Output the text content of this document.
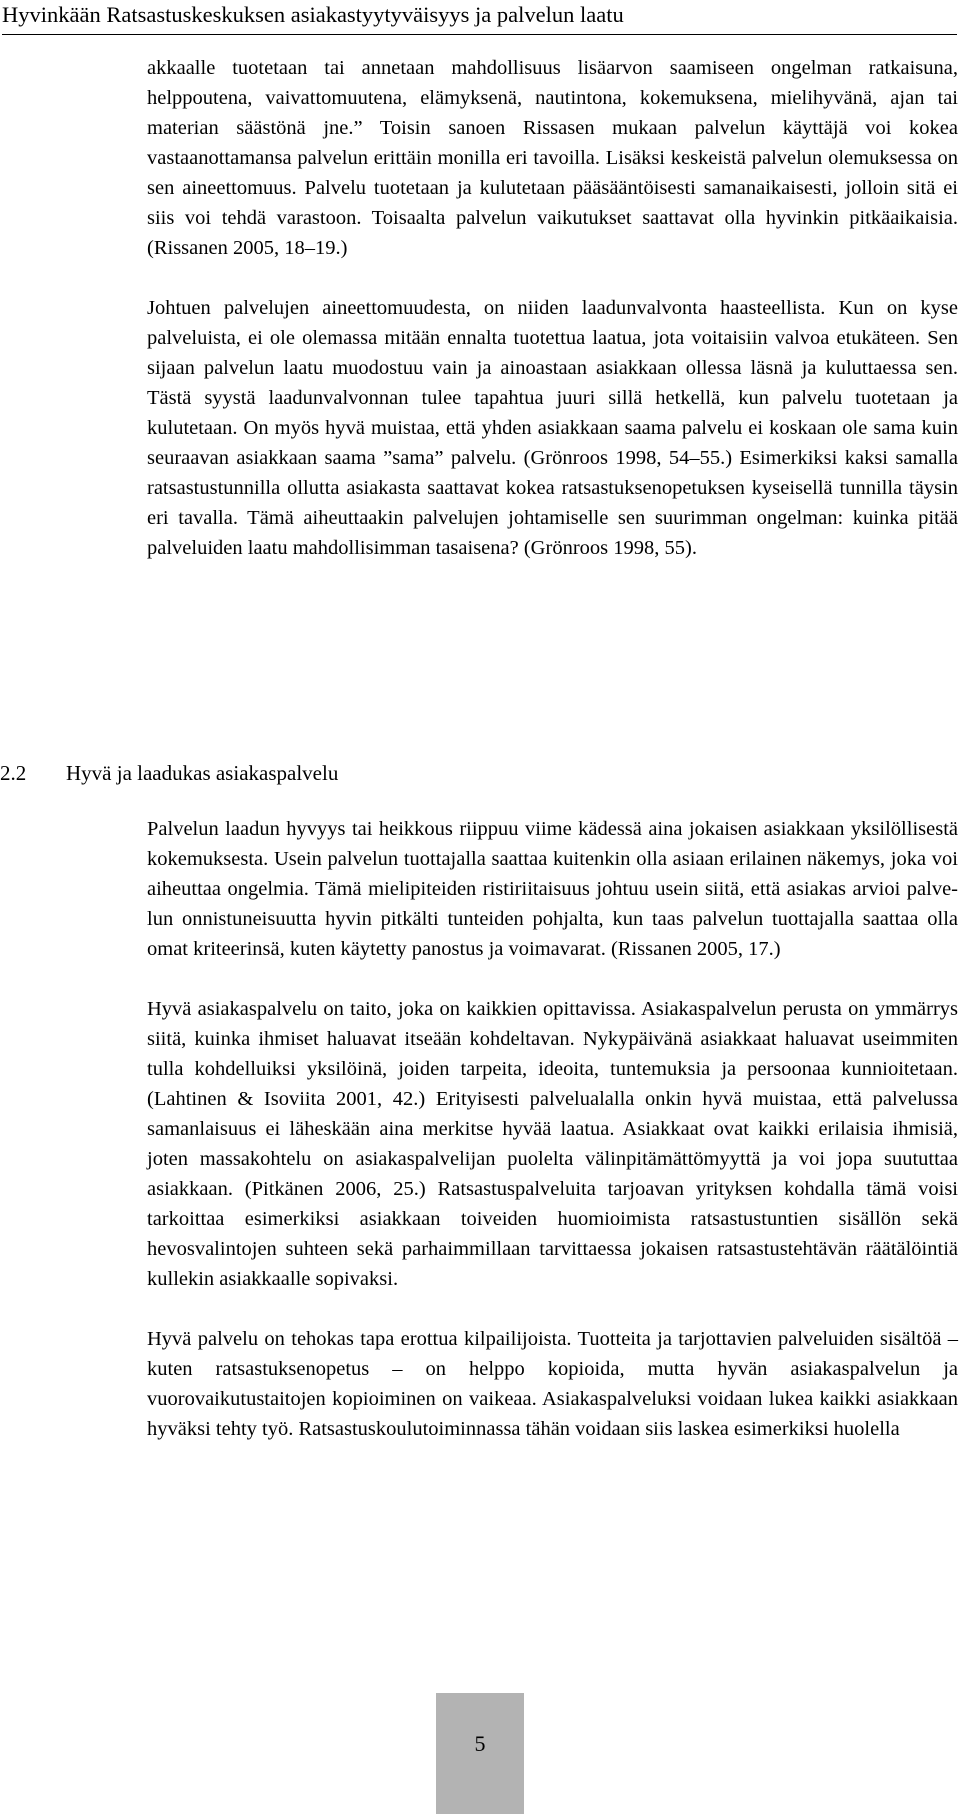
Hyvinkään Ratsastuskeskuksen asiakastyytyväisyys ja palvelun laatu

akkaalle tuotetaan tai annetaan mahdollisuus lisäarvon saamiseen ongelman ratkaisuna, helppoutena, vaivattomuutena, elämyksenä, nautintona, kokemuksena, mielihyvänä, ajan tai materian säästönä jne.” Toisin sanoen Rissasen mukaan palvelun käyttäjä voi kokea vastaanottamansa palvelun erittäin monilla eri tavoilla. Lisäksi keskeistä palvelun olemuksessa on sen aineettomuus. Palvelu tuotetaan ja kulutetaan pääsääntöisesti samanaikaisesti, jolloin sitä ei siis voi tehdä varastoon. Toisaalta palvelun vaikutukset saattavat olla hyvinkin pitkäaikaisia. (Rissanen 2005, 18–19.)

Johtuen palvelujen aineettomuudesta, on niiden laadunvalvonta haasteellista. Kun on kyse palveluista, ei ole olemassa mitään ennalta tuotettua laatua, jota voitaisiin valvoa etukäteen. Sen sijaan palvelun laatu muodostuu vain ja ainoastaan asiakkaan ollessa läsnä ja kuluttaessa sen. Tästä syystä laadunvalvonnan tulee tapahtua juuri sillä hetkellä, kun palvelu tuotetaan ja kulutetaan. On myös hyvä muistaa, että yhden asiakkaan saama palvelu ei koskaan ole sama kuin seuraavan asiakkaan saama ”sama” palvelu. (Grönroos 1998, 54–55.) Esimerkiksi kaksi samalla ratsastustunnilla ollutta asiakasta saattavat kokea ratsastuksenopetuksen kyseisellä tunnilla täysin eri tavalla. Tämä aiheuttaakin palvelujen johtamiselle sen suurimman ongelman: kuinka pitää palveluiden laatu mahdollisimman tasaisena? (Grönroos 1998, 55).

2.2 Hyvä ja laadukas asiakaspalvelu

Palvelun laadun hyvyys tai heikkous riippuu viime kädessä aina jokaisen asiakkaan yksilöllisestä kokemuksesta. Usein palvelun tuottajalla saattaa kuitenkin olla asiaan erilainen näkemys, joka voi aiheuttaa ongelmia. Tämä mielipiteiden ristiriitaisuus johtuu usein siitä, että asiakas arvioi palvelun onnistuneisuutta hyvin pitkälti tunteiden pohjalta, kun taas palvelun tuottajalla saattaa olla omat kriteerinsä, kuten käytetty panostus ja voimavarat. (Rissanen 2005, 17.)

Hyvä asiakaspalvelu on taito, joka on kaikkien opittavissa. Asiakaspalvelun perusta on ymmärrys siitä, kuinka ihmiset haluavat itseään kohdeltavan. Nykypäivänä asiakkaat haluavat useimmiten tulla kohdelluiksi yksilöinä, joiden tarpeita, ideoita, tuntemuksia ja persoonaa kunnioitetaan. (Lahtinen & Isoviita 2001, 42.) Erityisesti palvelualalla onkin hyvä muistaa, että palvelussa samanlaisuus ei läheskään aina merkitse hyvää laatua. Asiakkaat ovat kaikki erilaisia ihmisiä, joten massakohtelu on asiakaspalvelijan puolelta välinpitämättömyyttä ja voi jopa suututtaa asiakkaan. (Pitkänen 2006, 25.) Ratsastuspalveluita tarjoavan yrityksen kohdalla tämä voisi tarkoittaa esimerkiksi asiakkaan toiveiden huomioimista ratsastustuntien sisällön sekä hevosvalintojen suhteen sekä parhaimmillaan tarvittaessa jokaisen ratsastustehtävän räätälöintiä kullekin asiakkaalle sopivaksi.

Hyvä palvelu on tehokas tapa erottua kilpailijoista. Tuotteita ja tarjottavien palveluiden sisältöä – kuten ratsastuksenopetus – on helppo kopioida, mutta hyvän asiakaspalvelun ja vuorovaikutustaitojen kopioiminen on vaikeaa. Asiakaspalveluksi voidaan lukea kaikki asiakkaan hyväksi tehty työ. Ratsastuskoulutoiminnassa tähän voidaan siis laskea esimerkiksi huolella

5
